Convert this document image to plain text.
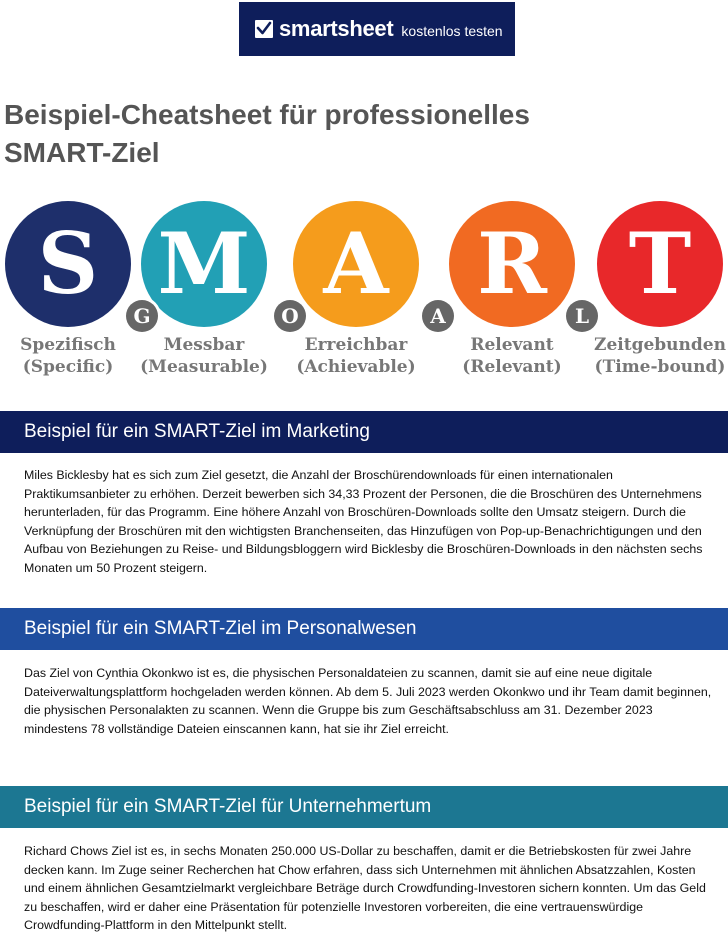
smartsheet kostenlos testen
Beispiel-Cheatsheet für professionelles
SMART-Ziel
S
Spezifisch
(Specific)
M
Messbar
(Measurable)
A
Erreichbar
(Achievable)
R
Relevant
(Relevant)
T
Zeitgebunden
(Time-bound)
G	O	A	L
Beispiel für ein SMART-Ziel im Marketing

Miles Bicklesby hat es sich zum Ziel gesetzt, die Anzahl der Broschürendownloads für einen internationalen Praktikumsanbieter zu erhöhen. Derzeit bewerben sich 34,33 Prozent der Personen, die die Broschüren des Unternehmens herunterladen, für das Programm. Eine höhere Anzahl von Broschüren-Downloads sollte den Umsatz steigern. Durch die Verknüpfung der Broschüren mit den wichtigsten Branchenseiten, das Hinzufügen von Pop-up-Benachrichtigungen und den Aufbau von Beziehungen zu Reise- und Bildungsbloggern wird Bicklesby die Broschüren-Downloads in den nächsten sechs Monaten um 50 Prozent steigern.

Beispiel für ein SMART-Ziel im Personalwesen

Das Ziel von Cynthia Okonkwo ist es, die physischen Personaldateien zu scannen, damit sie auf eine neue digitale Dateiverwaltungsplattform hochgeladen werden können. Ab dem 5. Juli 2023 werden Okonkwo und ihr Team damit beginnen, die physischen Personalakten zu scannen. Wenn die Gruppe bis zum Geschäftsabschluss am 31. Dezember 2023 mindestens 78 vollständige Dateien einscannen kann, hat sie ihr Ziel erreicht.

Beispiel für ein SMART-Ziel für Unternehmertum

Richard Chows Ziel ist es, in sechs Monaten 250.000 US-Dollar zu beschaffen, damit er die Betriebskosten für zwei Jahre decken kann. Im Zuge seiner Recherchen hat Chow erfahren, dass sich Unternehmen mit ähnlichen Absatzzahlen, Kosten und einem ähnlichen Gesamtzielmarkt vergleichbare Beträge durch Crowdfunding-Investoren sichern konnten. Um das Geld zu beschaffen, wird er daher eine Präsentation für potenzielle Investoren vorbereiten, die eine vertrauenswürdige Crowdfunding-Plattform in den Mittelpunkt stellt.
